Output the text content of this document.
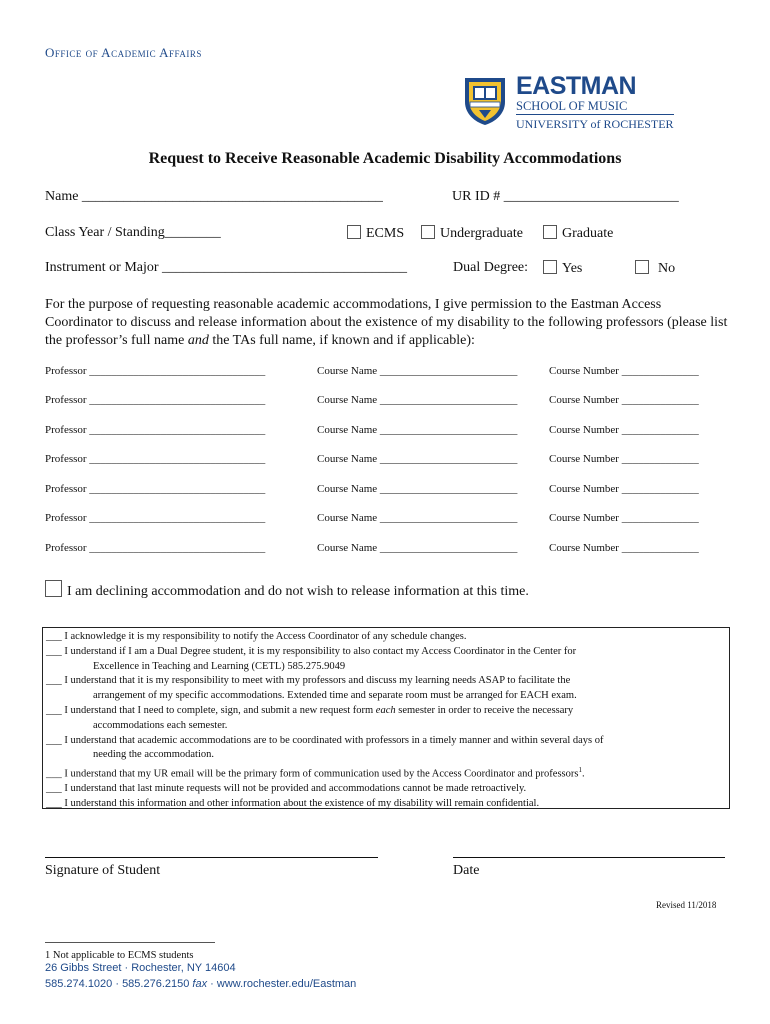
Office of Academic Affairs
EASTMAN
SCHOOL OF MUSIC
UNIVERSITY of ROCHESTER
Request to Receive Reasonable Academic Disability Accommodations
Name ___________________________________________	UR ID # _________________________
Class Year / Standing________	ECMS	Undergraduate	Graduate
Instrument or Major ___________________________________	Dual Degree:	Yes	No
For the purpose of requesting reasonable academic accommodations, I give permission to the Eastman Access Coordinator to discuss and release information about the existence of my disability to the following professors (please list the professor’s full name and the TAs full name, if known and if applicable):
Professor ________________________________	Course Name _________________________	Course Number ______________
Professor ________________________________	Course Name _________________________	Course Number ______________
Professor ________________________________	Course Name _________________________	Course Number ______________
Professor ________________________________	Course Name _________________________	Course Number ______________
Professor ________________________________	Course Name _________________________	Course Number ______________
Professor ________________________________	Course Name _________________________	Course Number ______________
Professor ________________________________	Course Name _________________________	Course Number ______________
I am declining accommodation and do not wish to release information at this time.
___ I acknowledge it is my responsibility to notify the Access Coordinator of any schedule changes.
___ I understand if I am a Dual Degree student, it is my responsibility to also contact my Access Coordinator in the Center for
Excellence in Teaching and Learning (CETL) 585.275.9049
___ I understand that it is my responsibility to meet with my professors and discuss my learning needs ASAP to facilitate the
arrangement of my specific accommodations. Extended time and separate room must be arranged for EACH exam.
___ I understand that I need to complete, sign, and submit a new request form each semester in order to receive the necessary
accommodations each semester.
___ I understand that academic accommodations are to be coordinated with professors in a timely manner and within several days of
needing the accommodation.
___ I understand that my UR email will be the primary form of communication used by the Access Coordinator and professors$^1$.
___ I understand that last minute requests will not be provided and accommodations cannot be made retroactively.
___ I understand this information and other information about the existence of my disability will remain confidential.
Signature of Student	Date
Revised 11/2018
1 Not applicable to ECMS students
26 Gibbs Street · Rochester, NY 14604
585.274.1020 · 585.276.2150 fax · www.rochester.edu/Eastman
